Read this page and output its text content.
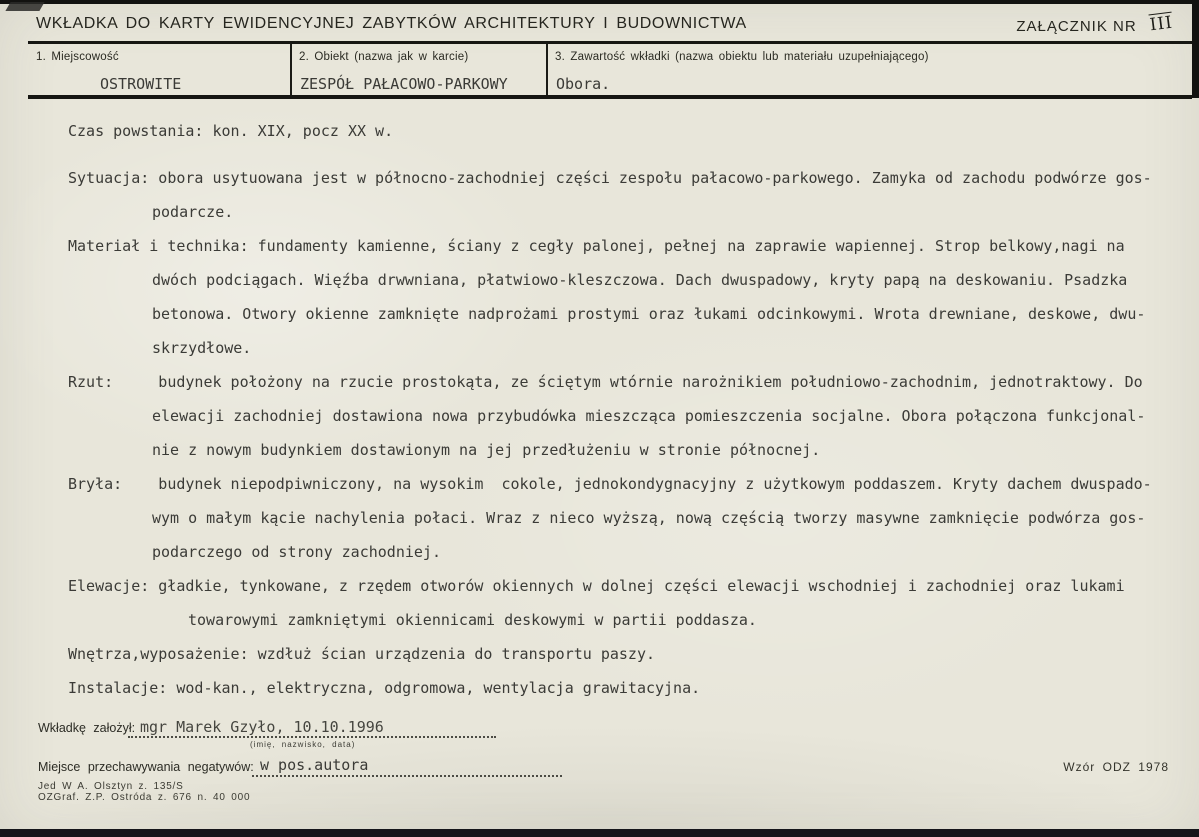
WKŁADKA DO KARTY EWIDENCYJNEJ ZABYTKÓW ARCHITEKTURY I BUDOWNICTWA	ZAŁĄCZNIK NR $\overline{III}$
1. Miejscowość	2. Obiekt (nazwa jak w karcie)	3. Zawartość wkładki (nazwa obiektu lub materiału uzupełniającego)
OSTROWITE	ZESPÓŁ PAŁACOWO-PARKOWY	Obora.
Czas powstania: kon. XIX, pocz XX w.
Sytuacja: obora usytuowana jest w północno-zachodniej części zespołu pałacowo-parkowego. Zamyka od zachodu podwórze gos-
podarcze.
Materiał i technika: fundamenty kamienne, ściany z cegły palonej, pełnej na zaprawie wapiennej. Strop belkowy,nagi na
dwóch podciągach. Więźba drwwniana, płatwiowo-kleszczowa. Dach dwuspadowy, kryty papą na deskowaniu. Psadzka
betonowa. Otwory okienne zamknięte nadprożami prostymi oraz łukami odcinkowymi. Wrota drewniane, deskowe, dwu-
skrzydłowe.
Rzut:     budynek położony na rzucie prostokąta, ze ściętym wtórnie narożnikiem południowo-zachodnim, jednotraktowy. Do
elewacji zachodniej dostawiona nowa przybudówka mieszcząca pomieszczenia socjalne. Obora połączona funkcjonal-
nie z nowym budynkiem dostawionym na jej przedłużeniu w stronie północnej.
Bryła:    budynek niepodpiwniczony, na wysokim  cokole, jednokondygnacyjny z użytkowym poddaszem. Kryty dachem dwuspado-
wym o małym kącie nachylenia połaci. Wraz z nieco wyższą, nową częścią tworzy masywne zamknięcie podwórza gos-
podarczego od strony zachodniej.
Elewacje: gładkie, tynkowane, z rzędem otworów okiennych w dolnej części elewacji wschodniej i zachodniej oraz lukami
towarowymi zamkniętymi okiennicami deskowymi w partii poddasza.
Wnętrza,wyposażenie: wzdłuż ścian urządzenia do transportu paszy.
Instalacje: wod-kan., elektryczna, odgromowa, wentylacja grawitacyjna.
Wkładkę założył: mgr Marek Gzyło, 10.10.1996
(imię, nazwisko, data)
Miejsce przechawywania negatywów: w pos.autora
Jed W A. Olsztyn z. 135/S
OZGraf. Z.P. Ostróda z. 676 n. 40 000
Wzór ODZ 1978
